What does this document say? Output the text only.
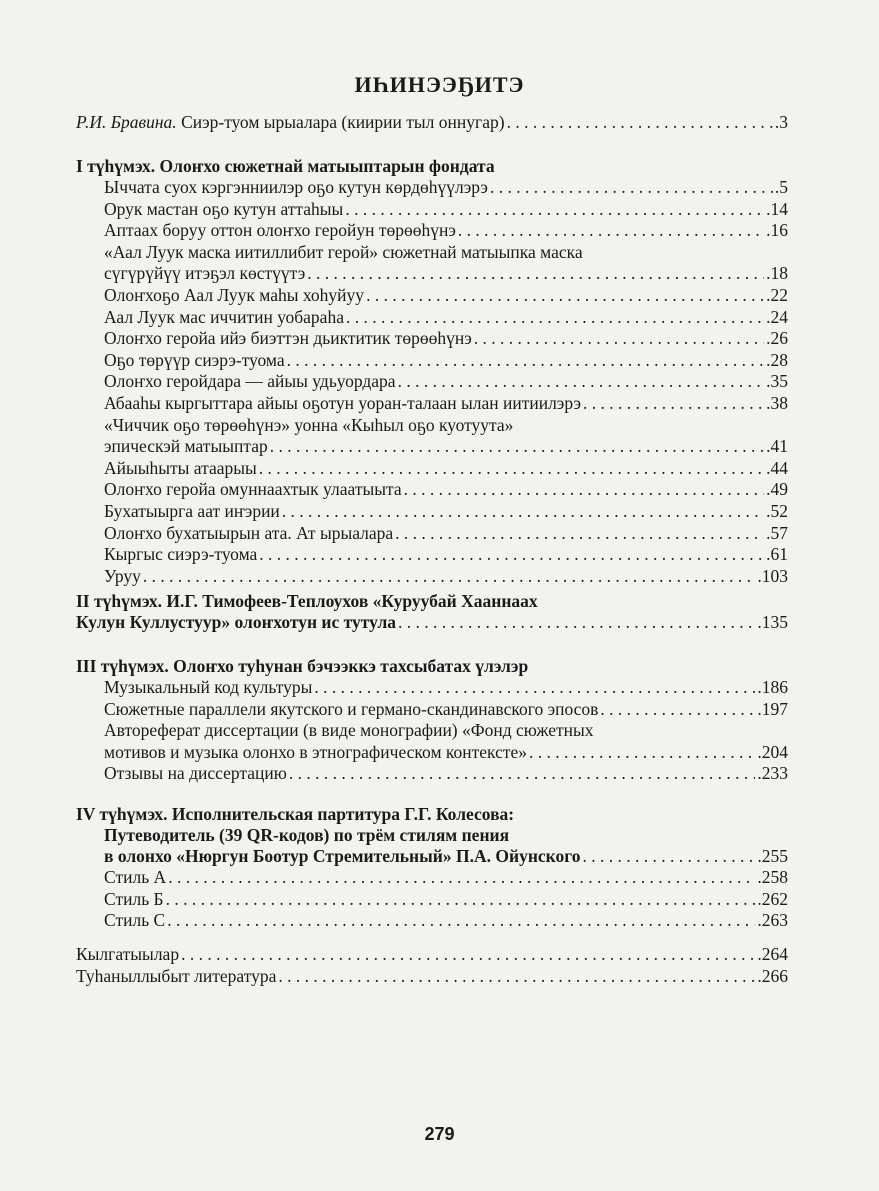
ИҺИНЭЭҔИТЭ
Р.И. Бравина. Сиэр-туом ырыалара (киирии тыл оннугар) . . .	.3
I түһүмэх. Олоҥхо сюжетнай матыыптарын фондата
Ыччата суох кэргэнниилэр оҕо кутун көрдөһүүлэрэ . . .	.5
Орук мастан оҕо кутун аттаһыы . . .	.14
Аптаах боруу оттон олоҥхо геройун төрөөһүнэ . . .	.16
«Аал Луук маска иитиллибит герой» сюжетнай матыыпка маска
сүгүрүйүү итэҕэл көстүүтэ . . .	.18
Олоҥхоҕо Аал Луук маһы хоһуйуу . . .	.22
Аал Луук мас иччитин уобараһа . . .	.24
Олоҥхо геройа ийэ биэттэн дьиктитик төрөөһүнэ . . .	.26
Оҕо төрүүр сиэрэ-туома . . .	.28
Олоҥхо геройдара — айыы удьуордара . . .	.35
Абааһы кыргыттара айыы оҕотун уоран-талаан ылан иитиилэрэ . . .	.38
«Чиччик оҕо төрөөһүнэ» уонна «Кыһыл оҕо куотуута»
эпическэй матыыптар . . .	.41
Айыыһыты атаарыы . . .	.44
Олоҥхо геройа омуннаахтык улаатыыта . . .	.49
Бухатыырга аат иҥэрии . . .	.52
Олоҥхо бухатыырын ата. Ат ырыалара . . .	.57
Кыргыс сиэрэ-туома . . .	.61
Уруу . . .	.103
II түһүмэх. И.Г. Тимофеев-Теплоухов «Куруубай Хааннаах
Кулун Куллустуур» олоҥхотун ис тутула . . .	.135
III түһүмэх. Олоҥхо туһунан бэчээккэ тахсыбатах үлэлэр
Музыкальный код культуры . . .	.186
Сюжетные параллели якутского и германо-скандинавского эпосов . . .	.197
Автореферат диссертации (в виде монографии) «Фонд сюжетных
мотивов и музыка олонхо в этнографическом контексте» . . .	.204
Отзывы на диссертацию . . .	.233
IV түһүмэх. Исполнительская партитура Г.Г. Колесова:
Путеводитель (39 QR-кодов) по трём стилям пения
в олонхо «Нюргун Боотур Стремительный» П.А. Ойунского . . .	.255
Стиль А . . .	.258
Стиль Б . . .	.262
Стиль С . . .	.263
Кылгатыылар . . .	.264
Туһаныллыбыт литература . . .	.266
279
